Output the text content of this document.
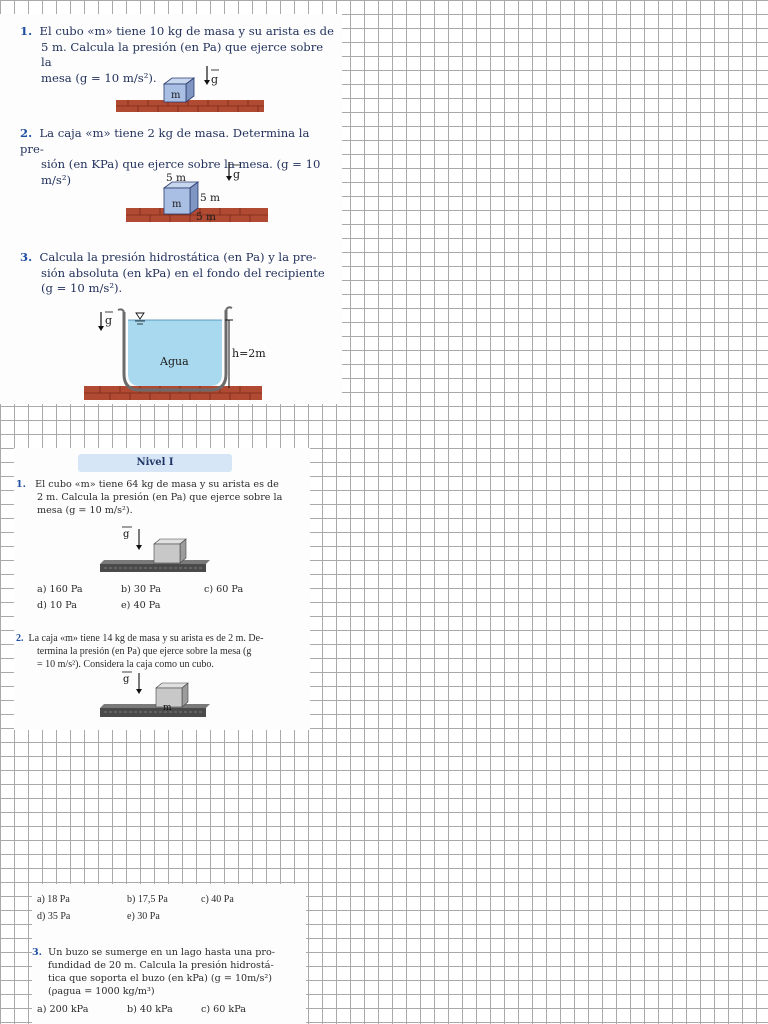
1. El cubo «m» tiene 10 kg de masa y su arista es de
5 m. Calcula la presión (en Pa) que ejerce sobre la
mesa (g = 10 m/s²).
m
g
2. La caja «m» tiene 2 kg de masa. Determina la pre-
sión (en KPa) que ejerce sobre la mesa. (g = 10 m/s²)
m
5 m
5 m
5 m
g
3. Calcula la presión hidrostática (en Pa) y la pre-
sión absoluta (en kPa) en el fondo del recipiente
(g = 10 m/s²).
Agua
h=2m
g
Nivel I
1. El cubo «m» tiene 64 kg de masa y su arista es de
2 m. Calcula la presión (en Pa) que ejerce sobre la
mesa (g = 10 m/s²).
g
a) 160 Pa	b) 30 Pa	c) 60 Pa
d) 10 Pa	e) 40 Pa
2. La caja «m» tiene 14 kg de masa y su arista es de 2 m. De-
termina la presión (en Pa) que ejerce sobre la mesa (g
= 10 m/s²). Considera la caja como un cubo.
m
g
a) 18 Pa	b) 17,5 Pa	c) 40 Pa
d) 35 Pa	e) 30 Pa
3. Un buzo se sumerge en un lago hasta una pro-
fundidad de 20 m. Calcula la presión hidrostá-
tica que soporta el buzo (en kPa) (g = 10m/s²)
(ρagua = 1000 kg/m³)
a) 200 kPa	b) 40 kPa	c) 60 kPa
